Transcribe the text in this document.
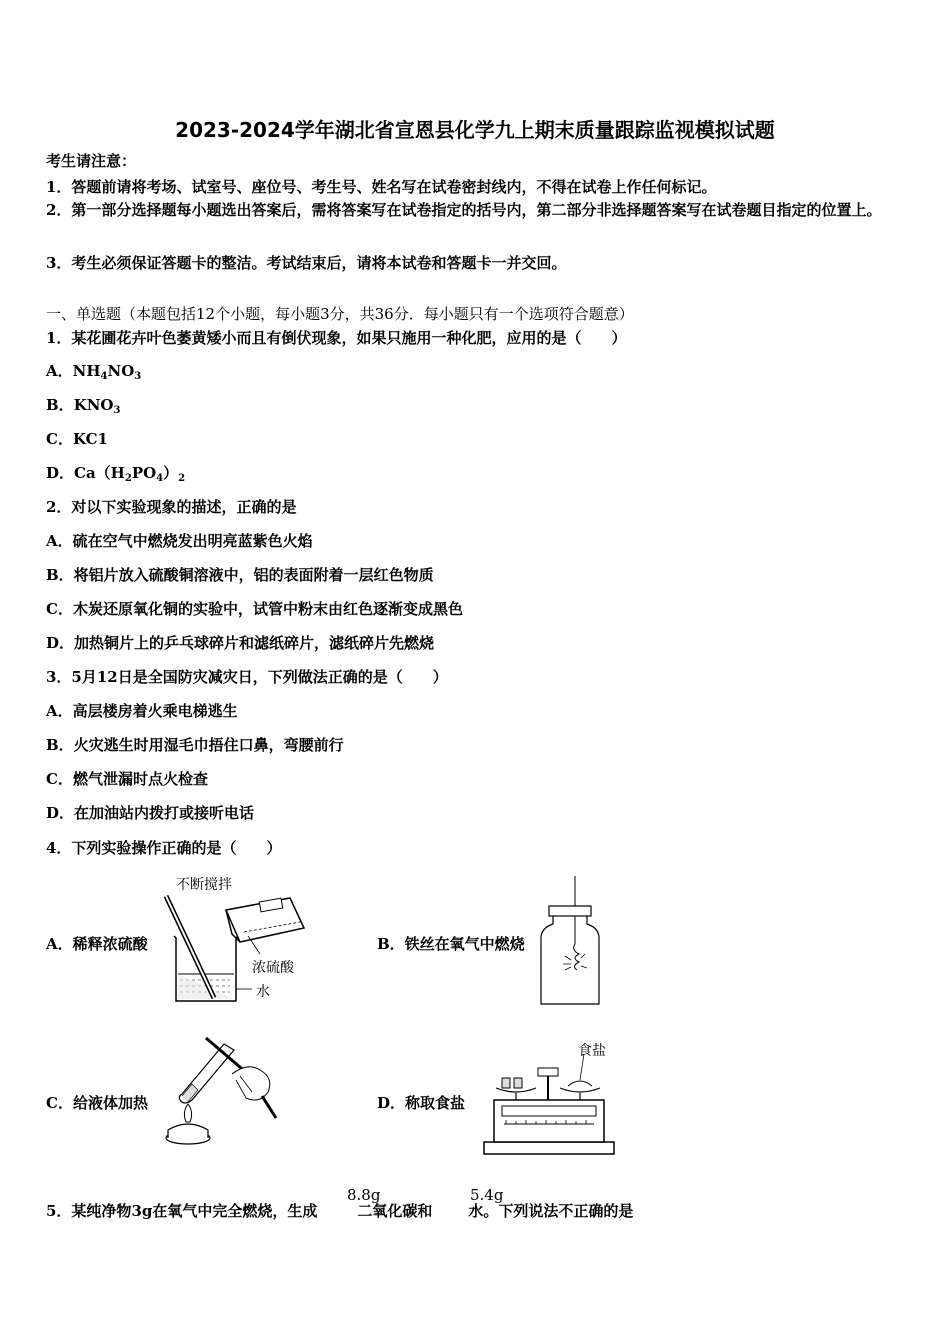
2023-2024学年湖北省宣恩县化学九上期末质量跟踪监视模拟试题
考生请注意：
1．答题前请将考场、试室号、座位号、考生号、姓名写在试卷密封线内，不得在试卷上作任何标记。
2．第一部分选择题每小题选出答案后，需将答案写在试卷指定的括号内，第二部分非选择题答案写在试卷题目指定的位置上。
3．考生必须保证答题卡的整洁。考试结束后，请将本试卷和答题卡一并交回。
一、单选题（本题包括12个小题，每小题3分，共36分．每小题只有一个选项符合题意）
1．某花圃花卉叶色萎黄矮小而且有倒伏现象，如果只施用一种化肥，应用的是（　　）
A．$NH_4NO_3$
B．$KNO_3$
C．KC1
D．$Ca(H_2PO_4)_2$
2．对以下实验现象的描述，正确的是
A．硫在空气中燃烧发出明亮蓝紫色火焰
B．将铝片放入硫酸铜溶液中，铝的表面附着一层红色物质
C．木炭还原氧化铜的实验中，试管中粉末由红色逐渐变成黑色
D．加热铜片上的乒乓球碎片和滤纸碎片，滤纸碎片先燃烧
3．5月12日是全国防灾减灾日，下列做法正确的是（　　）
A．高层楼房着火乘电梯逃生
B．火灾逃生时用湿毛巾捂住口鼻，弯腰前行
C．燃气泄漏时点火检查
D．在加油站内拨打或接听电话
4．下列实验操作正确的是（　　）
A．稀释浓硫酸	B．铁丝在氧气中燃烧
C．给液体加热	D．称取食盐
不断搅拌
浓硫酸
水
食盐
5．某纯净物3g在氧气中完全燃烧，生成	二氧化碳和 水。下列说法不正确的是
8.8g	5.4g
